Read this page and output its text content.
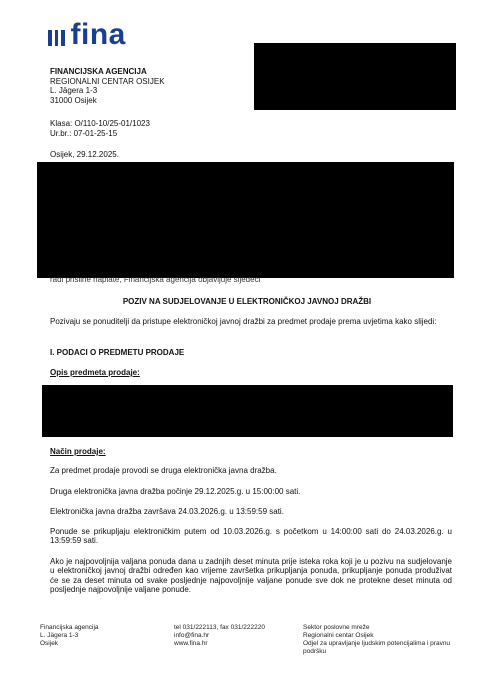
fina
FINANCIJSKA AGENCIJA
REGIONALNI CENTAR OSIJEK
L. Jägera 1-3
31000 Osijek
Klasa: O/110-10/25-01/1023
Ur.br.: 07-01-25-15
Osijek, 29.12.2025.
radi prisilne naplate, Financijska agencija objavljuje sljedeći
POZIV NA SUDJELOVANJE U ELEKTRONIČKOJ JAVNOJ DRAŽBI
Pozivaju se ponuditelji da pristupe elektroničkoj javnoj dražbi za predmet prodaje prema uvjetima kako slijedi:
I. PODACI O PREDMETU PRODAJE
Opis predmeta prodaje:
Način prodaje:
Za predmet prodaje provodi se druga elektronička javna dražba.
Druga elektronička javna dražba počinje 29.12.2025.g. u 15:00:00 sati.
Elektronička javna dražba završava 24.03.2026.g. u 13:59:59 sati.
Ponude se prikupljaju elektroničkim putem od 10.03.2026.g. s početkom u 14:00:00 sati do 24.03.2026.g. u 13:59:59 sati.
Ako je najpovoljnija valjana ponuda dana u zadnjih deset minuta prije isteka roka koji je u pozivu na sudjelovanje u elektroničkoj javnoj dražbi određen kao vrijeme završetka prikupljanja ponuda, prikupljanje ponuda produživat će se za deset minuta od svake posljednje najpovoljnije valjane ponude sve dok ne protekne deset minuta od posljednje najpovoljnije valjane ponude.
Financijska agencija
L. Jägera 1-3
Osijek
tel 031/222113, fax 031/222220
info@fina.hr
www.fina.hr
Sektor poslovne mreže
Regionalni centar Osijek
Odjel za upravljanje ljudskim potencijalima i pravnu podršku
